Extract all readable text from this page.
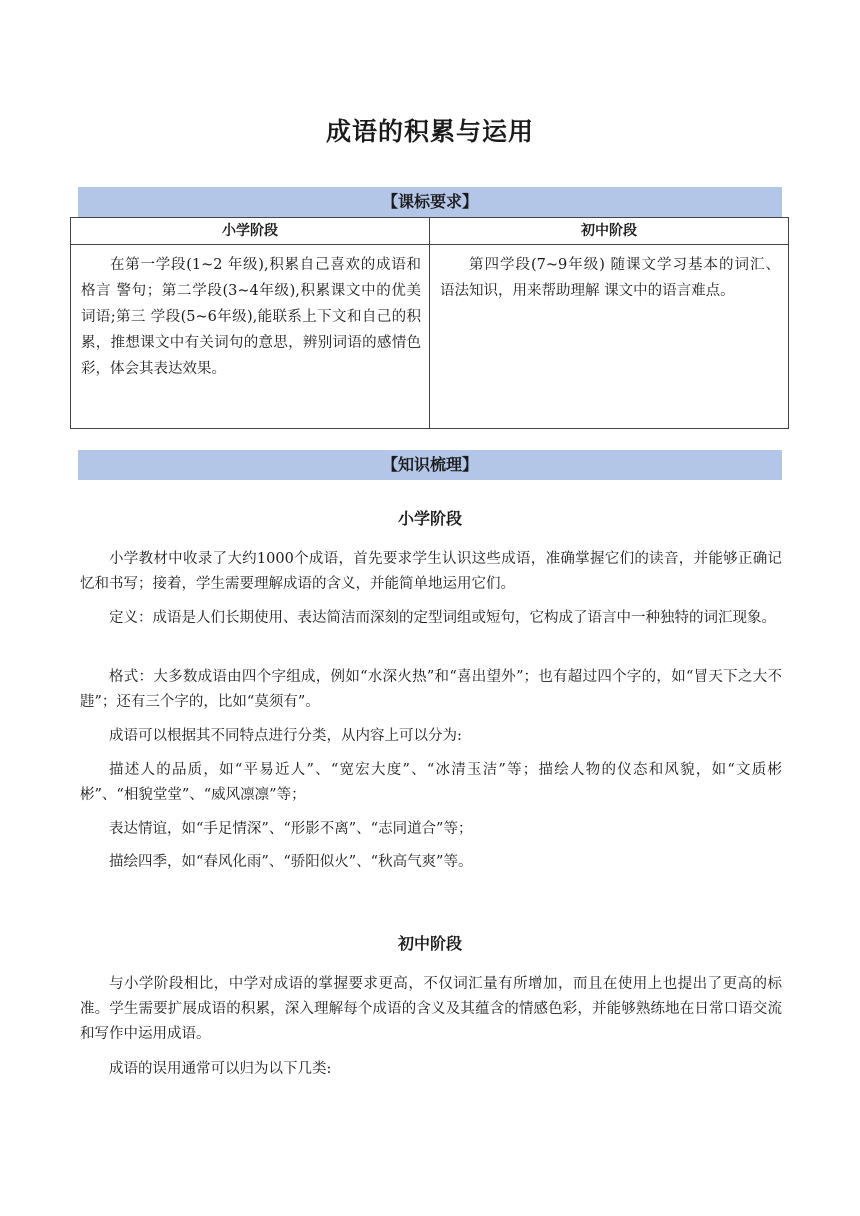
成语的积累与运用
【课标要求】
小学阶段	初中阶段
在第一学段(1~2 年级),积累自己喜欢的成语和格言 警句；第二学段(3~4年级),积累课文中的优美词语;第三 学段(5~6年级),能联系上下文和自己的积累，推想课文中有关词句的意思，辨别词语的感情色彩，体会其表达效果。
第四学段(7~9年级) 随课文学习基本的词汇、 语法知识，用来帮助理解 课文中的语言难点。
【知识梳理】
小学阶段
小学教材中收录了大约1000个成语，首先要求学生认识这些成语，准确掌握它们的读音，并能够正确记忆和书写；接着，学生需要理解成语的含义，并能简单地运用它们。
定义：成语是人们长期使用、表达简洁而深刻的定型词组或短句，它构成了语言中一种独特的词汇现象。
格式：大多数成语由四个字组成，例如“水深火热”和“喜出望外”；也有超过四个字的，如“冒天下之大不韪”；还有三个字的，比如“莫须有”。
成语可以根据其不同特点进行分类，从内容上可以分为:
描述人的品质，如“平易近人”、“宽宏大度”、“冰清玉洁”等；描绘人物的仪态和风貌，如“文质彬彬”、“相貌堂堂”、“威风凛凛”等；
表达情谊，如“手足情深”、“形影不离”、“志同道合”等；
描绘四季，如“春风化雨”、“骄阳似火”、“秋高气爽”等。
初中阶段
与小学阶段相比，中学对成语的掌握要求更高，不仅词汇量有所增加，而且在使用上也提出了更高的标准。学生需要扩展成语的积累，深入理解每个成语的含义及其蕴含的情感色彩，并能够熟练地在日常口语交流和写作中运用成语。
成语的误用通常可以归为以下几类:
